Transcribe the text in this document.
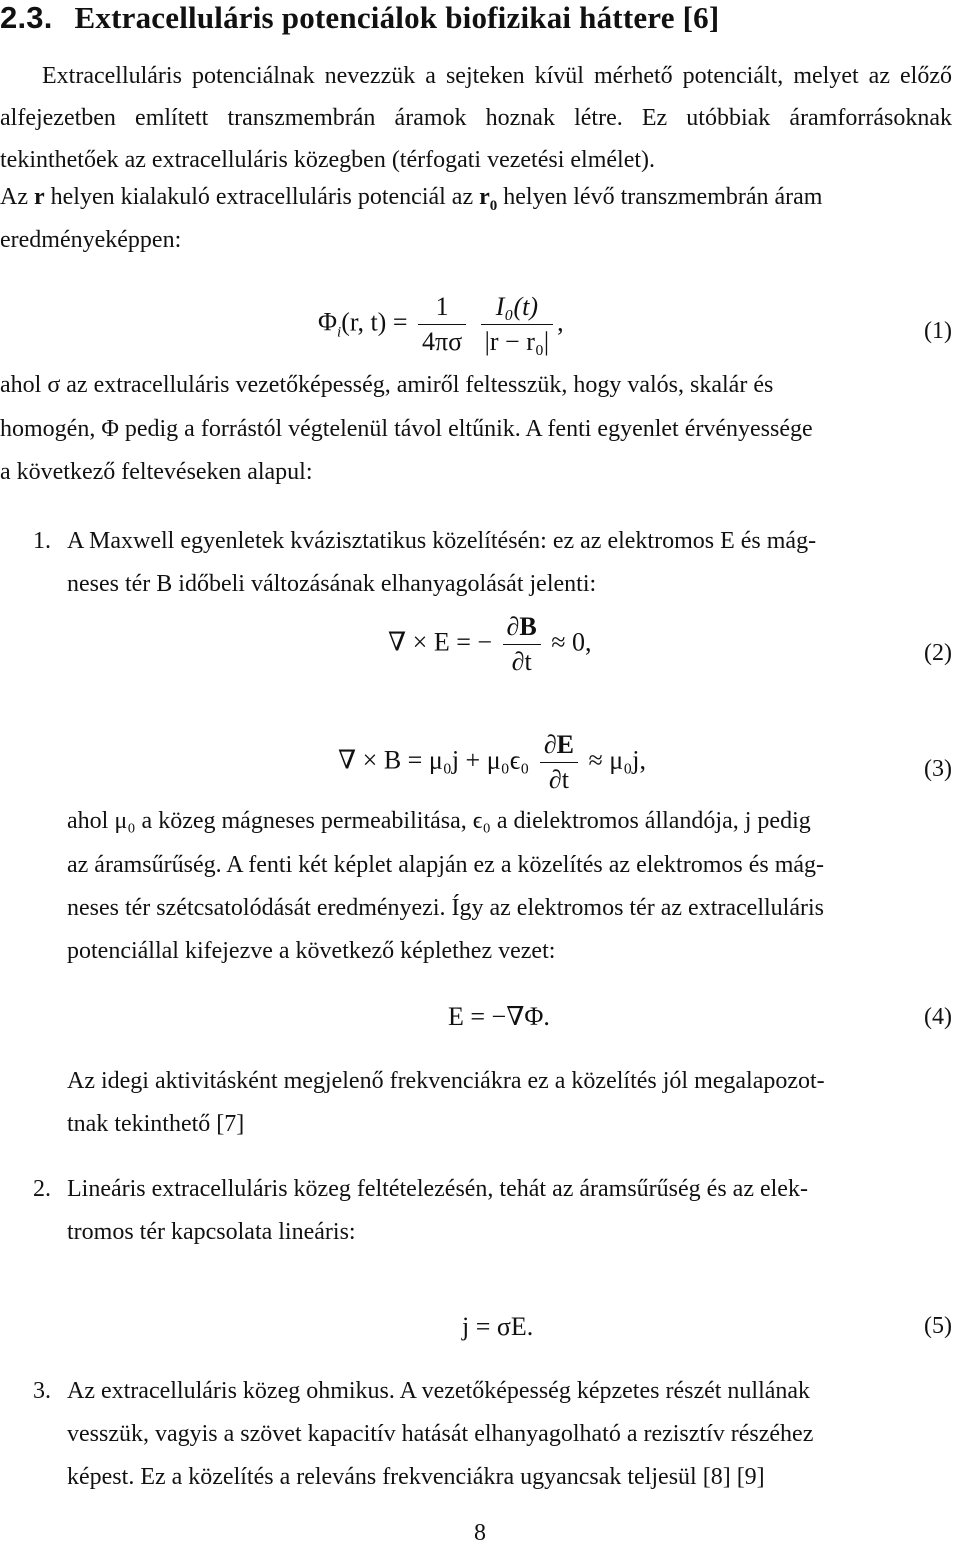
2.3. Extracelluláris potenciálok biofizikai háttere [6]
Extracelluláris potenciálnak nevezzük a sejteken kívül mérhető potenciált, melyet az előző alfejezetben említett transzmembrán áramok hoznak létre. Ez utóbbiak áramforrásoknak tekinthetőek az extracelluláris közegben (térfogati vezetési elmélet).
Az r helyen kialakuló extracelluláris potenciál az $r_0$ helyen lévő transzmembrán áram
eredményeképpen:
$\Phi_i(r$, $t) = \frac{1}{4\pi\sigma}$
$\frac{\text{I₀(t)}}{\text{|r − r₀|}}$ ,	(1)
ahol σ az extracelluláris vezetőképesség, amiről feltesszük, hogy valós, skalár és
homogén, Φ pedig a forrástól végtelenül távol eltűnik. A fenti egyenlet érvényessége
a következő feltevéseken alapul:
1. A Maxwell egyenletek kvázisztatikus közelítésén: ez az elektromos E és mág-
neses tér B időbeli változásának elhanyagolását jelenti:
∇ × E = − $\frac{\partial B}{\partial t} \approx 0$,	(2)
∇ × $B = \mu_0j + \mu_0\epsilon_0 \frac{\partial E}{\partial t} \approx \mu_0j$,	(3)
ahol μ₀ a közeg mágneses permeabilitása, ϵ₀ a dielektromos állandója, j pedig
az áramsűrűség. A fenti két képlet alapján ez a közelítés az elektromos és mág-
neses tér szétcsatolódását eredményezi. Így az elektromos tér az extracelluláris
potenciállal kifejezve a következő képlethez vezet:
E = −∇Φ.	(4)
Az idegi aktivitásként megjelenő frekvenciákra ez a közelítés jól megalapozot-
tnak tekinthető [7]
2. Lineáris extracelluláris közeg feltételezésén, tehát az áramsűrűség és az elek-
tromos tér kapcsolata lineáris:
j = σE.	(5)
3. Az extracelluláris közeg ohmikus. A vezetőképesség képzetes részét nullának
vesszük, vagyis a szövet kapacitív hatását elhanyagolható a rezisztív részéhez
képest. Ez a közelítés a releváns frekvenciákra ugyancsak teljesül [8] [9]
8
